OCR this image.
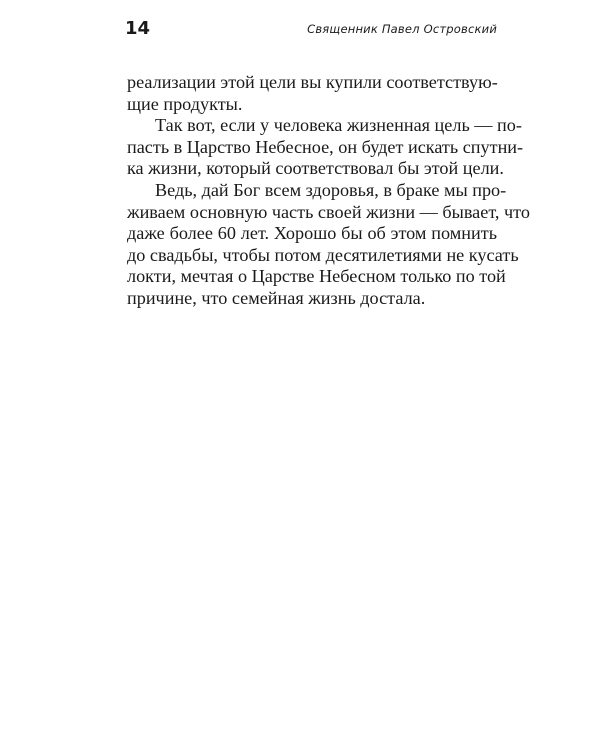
14	Священник Павел Островский
реализации этой цели вы купили соответствую-
щие продукты.
Так вот, если у человека жизненная цель — по-
пасть в Царство Небесное, он будет искать спутни-
ка жизни, который соответствовал бы этой цели.
Ведь, дай Бог всем здоровья, в браке мы про-
живаем основную часть своей жизни — бывает, что
даже более 60 лет. Хорошо бы об этом помнить
до свадьбы, чтобы потом десятилетиями не кусать
локти, мечтая о Царстве Небесном только по той
причине, что семейная жизнь достала.
